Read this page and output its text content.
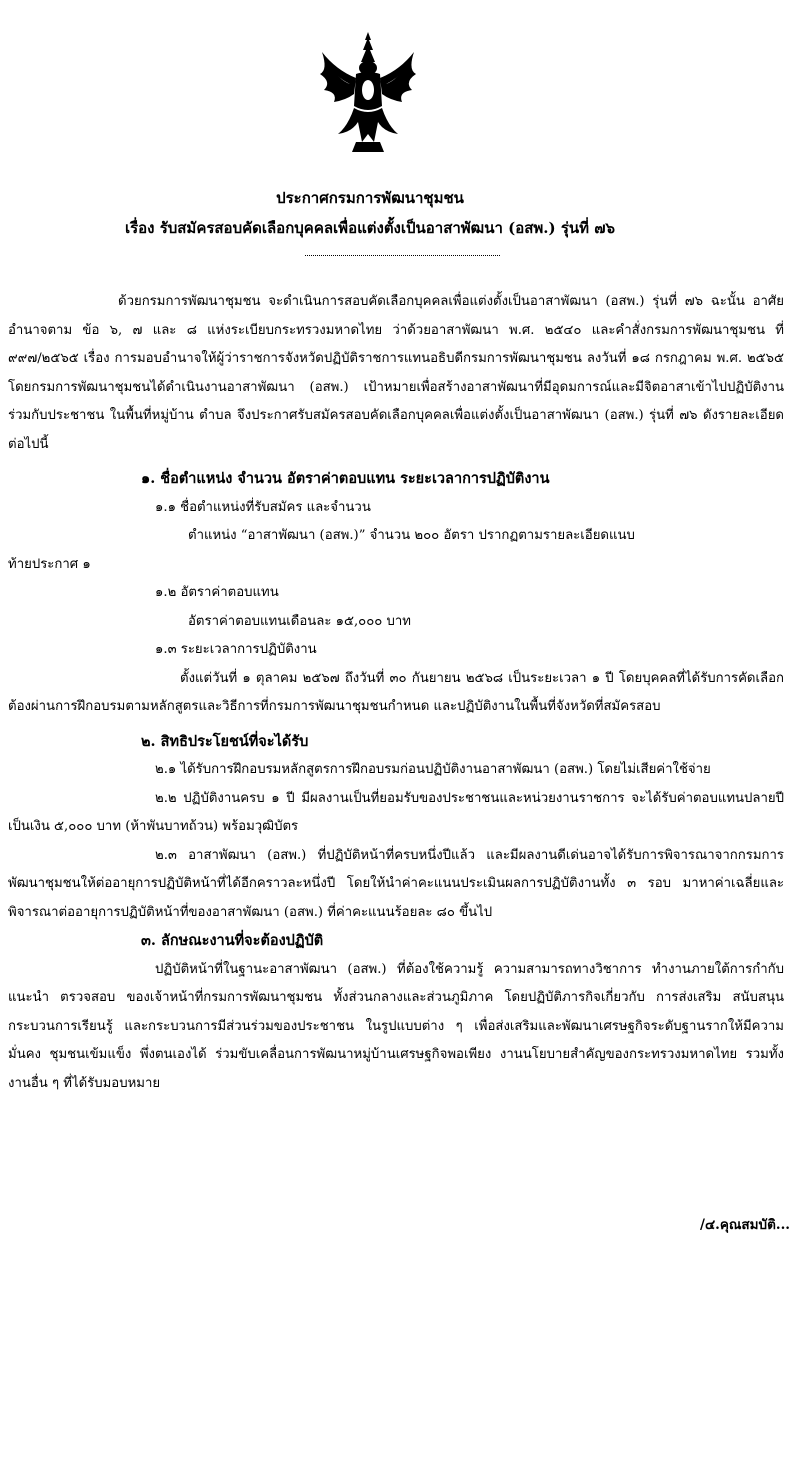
ประกาศกรมการพัฒนาชุมชน
เรื่อง รับสมัครสอบคัดเลือกบุคคลเพื่อแต่งตั้งเป็นอาสาพัฒนา (อสพ.) รุ่นที่ ๗๖

ด้วยกรมการพัฒนาชุมชน จะดำเนินการสอบคัดเลือกบุคคลเพื่อแต่งตั้งเป็นอาสาพัฒนา (อสพ.) รุ่นที่ ๗๖ ฉะนั้น อาศัยอำนาจตาม ข้อ ๖, ๗ และ ๘ แห่งระเบียบกระทรวงมหาดไทย ว่าด้วยอาสาพัฒนา พ.ศ. ๒๕๔๐ และคำสั่งกรมการพัฒนาชุมชน ที่ ๙๙๗/๒๕๖๕ เรื่อง การมอบอำนาจให้ผู้ว่าราชการจังหวัดปฏิบัติราชการแทนอธิบดีกรมการพัฒนาชุมชน ลงวันที่ ๑๘ กรกฎาคม พ.ศ. ๒๕๖๕ โดยกรมการพัฒนาชุมชนได้ดำเนินงานอาสาพัฒนา (อสพ.) เป้าหมายเพื่อสร้างอาสาพัฒนาที่มีอุดมการณ์และมีจิตอาสาเข้าไปปฏิบัติงานร่วมกับประชาชน ในพื้นที่หมู่บ้าน ตำบล จึงประกาศรับสมัครสอบคัดเลือกบุคคลเพื่อแต่งตั้งเป็นอาสาพัฒนา (อสพ.) รุ่นที่ ๗๖ ดังรายละเอียดต่อไปนี้

๑. ชื่อตำแหน่ง จำนวน อัตราค่าตอบแทน ระยะเวลาการปฏิบัติงาน

๑.๑ ชื่อตำแหน่งที่รับสมัคร และจำนวน

ตำแหน่ง “อาสาพัฒนา (อสพ.)” จำนวน ๒๐๐ อัตรา ปรากฏตามรายละเอียดแนบ

ท้ายประกาศ ๑

๑.๒ อัตราค่าตอบแทน

อัตราค่าตอบแทนเดือนละ ๑๕,๐๐๐ บาท

๑.๓ ระยะเวลาการปฏิบัติงาน

ตั้งแต่วันที่ ๑ ตุลาคม ๒๕๖๗ ถึงวันที่ ๓๐ กันยายน ๒๕๖๘ เป็นระยะเวลา ๑ ปี โดยบุคคลที่ได้รับการคัดเลือกต้องผ่านการฝึกอบรมตามหลักสูตรและวิธีการที่กรมการพัฒนาชุมชนกำหนด และปฏิบัติงานในพื้นที่จังหวัดที่สมัครสอบ

๒. สิทธิประโยชน์ที่จะได้รับ

๒.๑ ได้รับการฝึกอบรมหลักสูตรการฝึกอบรมก่อนปฏิบัติงานอาสาพัฒนา (อสพ.) โดยไม่เสียค่าใช้จ่าย

๒.๒ ปฏิบัติงานครบ ๑ ปี มีผลงานเป็นที่ยอมรับของประชาชนและหน่วยงานราชการ จะได้รับค่าตอบแทนปลายปี เป็นเงิน ๕,๐๐๐ บาท (ห้าพันบาทถ้วน) พร้อมวุฒิบัตร

๒.๓ อาสาพัฒนา (อสพ.) ที่ปฏิบัติหน้าที่ครบหนึ่งปีแล้ว และมีผลงานดีเด่นอาจได้รับการพิจารณาจากกรมการพัฒนาชุมชนให้ต่ออายุการปฏิบัติหน้าที่ได้อีกคราวละหนึ่งปี โดยให้นำค่าคะแนนประเมินผลการปฏิบัติงานทั้ง ๓ รอบ มาหาค่าเฉลี่ยและพิจารณาต่ออายุการปฏิบัติหน้าที่ของอาสาพัฒนา (อสพ.) ที่ค่าคะแนนร้อยละ ๘๐ ขึ้นไป

๓. ลักษณะงานที่จะต้องปฏิบัติ

ปฏิบัติหน้าที่ในฐานะอาสาพัฒนา (อสพ.) ที่ต้องใช้ความรู้ ความสามารถทางวิชาการ ทำงานภายใต้การกำกับ แนะนำ ตรวจสอบ ของเจ้าหน้าที่กรมการพัฒนาชุมชน ทั้งส่วนกลางและส่วนภูมิภาค โดยปฏิบัติภารกิจเกี่ยวกับ การส่งเสริม สนับสนุน กระบวนการเรียนรู้ และกระบวนการมีส่วนร่วมของประชาชน ในรูปแบบต่าง ๆ เพื่อส่งเสริมและพัฒนาเศรษฐกิจระดับฐานรากให้มีความมั่นคง ชุมชนเข้มแข็ง พึ่งตนเองได้ ร่วมขับเคลื่อนการพัฒนาหมู่บ้านเศรษฐกิจพอเพียง งานนโยบายสำคัญของกระทรวงมหาดไทย รวมทั้งงานอื่น ๆ ที่ได้รับมอบหมาย

/๔.คุณสมบัติ...
